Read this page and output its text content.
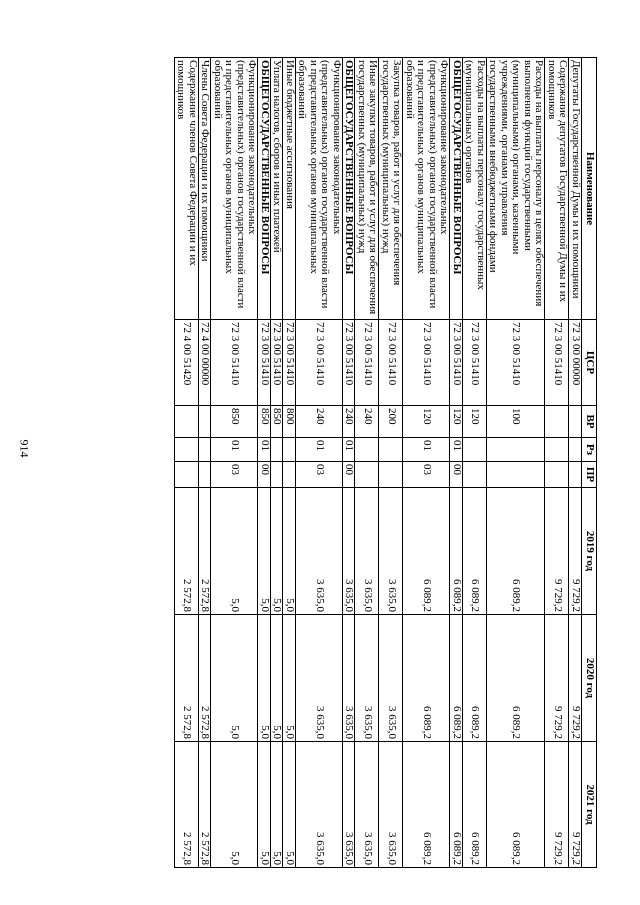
914
Наименование	ЦСР	ВР	Рз	ПР	2019 год	2020 год	2021 год
Депутаты Государственной Думы и их помощники	72 3 00 00000				9 729,2	9 729,2	9 729,2
Содержание депутатов Государственной Думы и их помощников	72 3 00 51410				9 729,2	9 729,2	9 729,2
Расходы на выплаты персоналу в целях обеспечения выполнения функций государственными (муниципальными) органами, казенными учреждениями, органами управления государственными внебюджетными фондами	72 3 00 51410	100			6 089,2	6 089,2	6 089,2
Расходы на выплаты персоналу государственных (муниципальных) органов	72 3 00 51410	120			6 089,2	6 089,2	6 089,2
ОБЩЕГОСУДАРСТВЕННЫЕ ВОПРОСЫ	72 3 00 51410	120	01	00	6 089,2	6 089,2	6 089,2
Функционирование законодательных (представительных) органов государственной власти и представительных органов муниципальных образований	72 3 00 51410	120	01	03	6 089,2	6 089,2	6 089,2
Закупка товаров, работ и услуг для обеспечения государственных (муниципальных) нужд	72 3 00 51410	200			3 635,0	3 635,0	3 635,0
Иные закупки товаров, работ и услуг для обеспечения государственных (муниципальных) нужд	72 3 00 51410	240			3 635,0	3 635,0	3 635,0
ОБЩЕГОСУДАРСТВЕННЫЕ ВОПРОСЫ	72 3 00 51410	240	01	00	3 635,0	3 635,0	3 635,0
Функционирование законодательных (представительных) органов государственной власти и представительных органов муниципальных образований	72 3 00 51410	240	01	03	3 635,0	3 635,0	3 635,0
Иные бюджетные ассигнования	72 3 00 51410	800			5,0	5,0	5,0
Уплата налогов, сборов и иных платежей	72 3 00 51410	850			5,0	5,0	5,0
ОБЩЕГОСУДАРСТВЕННЫЕ ВОПРОСЫ	72 3 00 51410	850	01	00	5,0	5,0	5,0
Функционирование законодательных (представительных) органов государственной власти и представительных органов муниципальных образований	72 3 00 51410	850	01	03	5,0	5,0	5,0
Члены Совета Федерации и их помощники	72 4 00 00000				2 572,8	2 572,8	2 572,8
Содержание членов Совета Федерации и их помощников	72 4 00 51420				2 572,8	2 572,8	2 572,8
